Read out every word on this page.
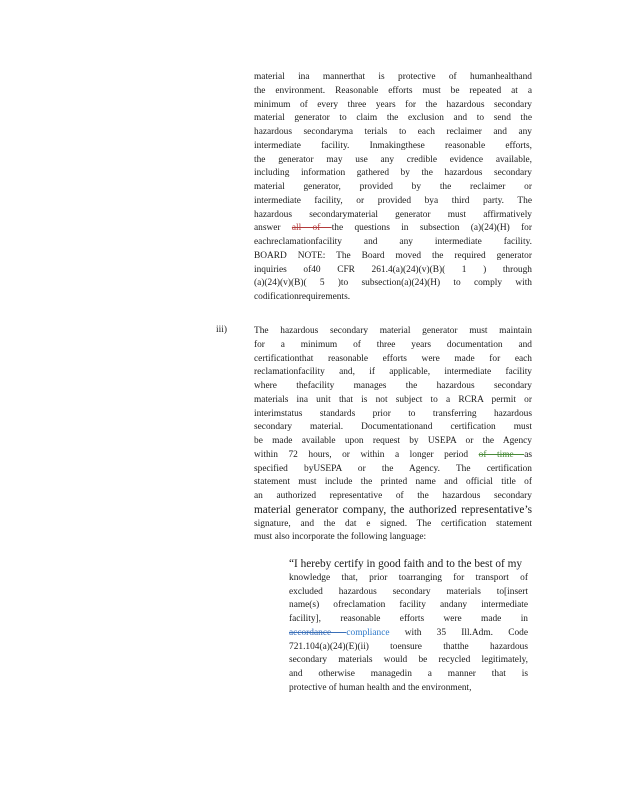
material ina mannerthat is protective of humanhealthand
the environment. Reasonable efforts must be repeated at a
minimum of every three years for the hazardous secondary
material generator to claim the exclusion and to send the
hazardous secondaryma terials to each reclaimer and any
intermediate facility. Inmakingthese reasonable efforts,
the generator may use any credible evidence available,
including information gathered by the hazardous secondary
material generator, provided by the reclaimer or
intermediate facility, or provided bya third party. The
hazardous secondarymaterial generator must affirmatively
answer all of the questions in subsection (a)(24)(H) for
eachreclamationfacility and any intermediate facility.
BOARD NOTE: The Board moved the required generator
inquiries of40 CFR 261.4(a)(24)(v)(B)( 1 ) through
(a)(24)(v)(B)( 5 )to subsection(a)(24)(H) to comply with
codificationrequirements.
iii)	The hazardous secondary material generator must maintain
for a minimum of three years documentation and
certificationthat reasonable efforts were made for each
reclamationfacility and, if applicable, intermediate facility
where thefacility manages the hazardous secondary
materials ina unit that is not subject to a RCRA permit or
interimstatus standards prior to transferring hazardous
secondary material. Documentationand certification must
be made available upon request by USEPA or the Agency
within 72 hours, or within a longer period of time as
specified byUSEPA or the Agency. The certification
statement must include the printed name and official title of
an authorized representative of the hazardous secondary
material generator company, the authorized representative’s
signature, and the dat e signed. The certification statement
must also incorporate the following language:
“I hereby certify in good faith and to the best of my
knowledge that, prior toarranging for transport of
excluded hazardous secondary materials to[insert
name(s) ofreclamation facility andany intermediate
facility], reasonable efforts were made in
accordance compliance with 35 Ill.Adm. Code
721.104(a)(24)(E)(ii) toensure thatthe hazardous
secondary materials would be recycled legitimately,
and otherwise managedin a manner that is
protective of human health and the environment,
